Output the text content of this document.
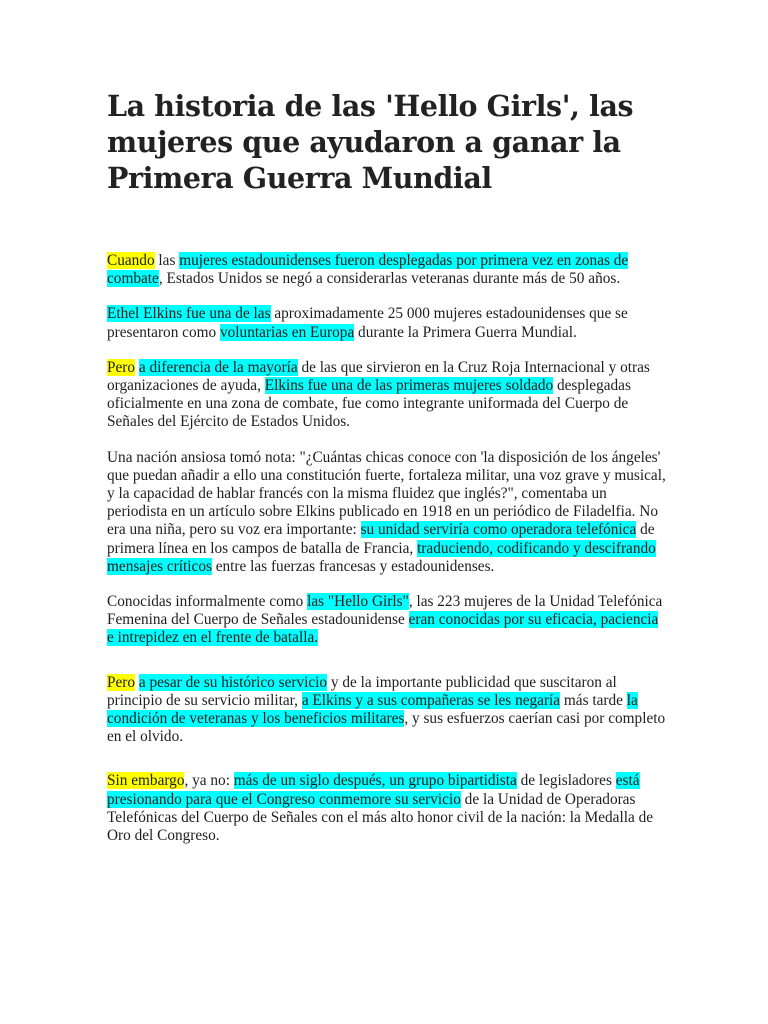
La historia de las 'Hello Girls', las mujeres que ayudaron a ganar la Primera Guerra Mundial

Cuando las mujeres estadounidenses fueron desplegadas por primera vez en zonas de combate, Estados Unidos se negó a considerarlas veteranas durante más de 50 años.

Ethel Elkins fue una de las aproximadamente 25 000 mujeres estadounidenses que se presentaron como voluntarias en Europa durante la Primera Guerra Mundial.

Pero a diferencia de la mayoría de las que sirvieron en la Cruz Roja Internacional y otras organizaciones de ayuda, Elkins fue una de las primeras mujeres soldado desplegadas oficialmente en una zona de combate, fue como integrante uniformada del Cuerpo de Señales del Ejército de Estados Unidos.

Una nación ansiosa tomó nota: "¿Cuántas chicas conoce con 'la disposición de los ángeles' que puedan añadir a ello una constitución fuerte, fortaleza militar, una voz grave y musical, y la capacidad de hablar francés con la misma fluidez que inglés?", comentaba un periodista en un artículo sobre Elkins publicado en 1918 en un periódico de Filadelfia. No era una niña, pero su voz era importante: su unidad serviría como operadora telefónica de primera línea en los campos de batalla de Francia, traduciendo, codificando y descifrando mensajes críticos entre las fuerzas francesas y estadounidenses.

Conocidas informalmente como las "Hello Girls", las 223 mujeres de la Unidad Telefónica Femenina del Cuerpo de Señales estadounidense eran conocidas por su eficacia, paciencia e intrepidez en el frente de batalla.

Pero a pesar de su histórico servicio y de la importante publicidad que suscitaron al principio de su servicio militar, a Elkins y a sus compañeras se les negaría más tarde la condición de veteranas y los beneficios militares, y sus esfuerzos caerían casi por completo en el olvido.

Sin embargo, ya no: más de un siglo después, un grupo bipartidista de legisladores está presionando para que el Congreso conmemore su servicio de la Unidad de Operadoras Telefónicas del Cuerpo de Señales con el más alto honor civil de la nación: la Medalla de Oro del Congreso.
